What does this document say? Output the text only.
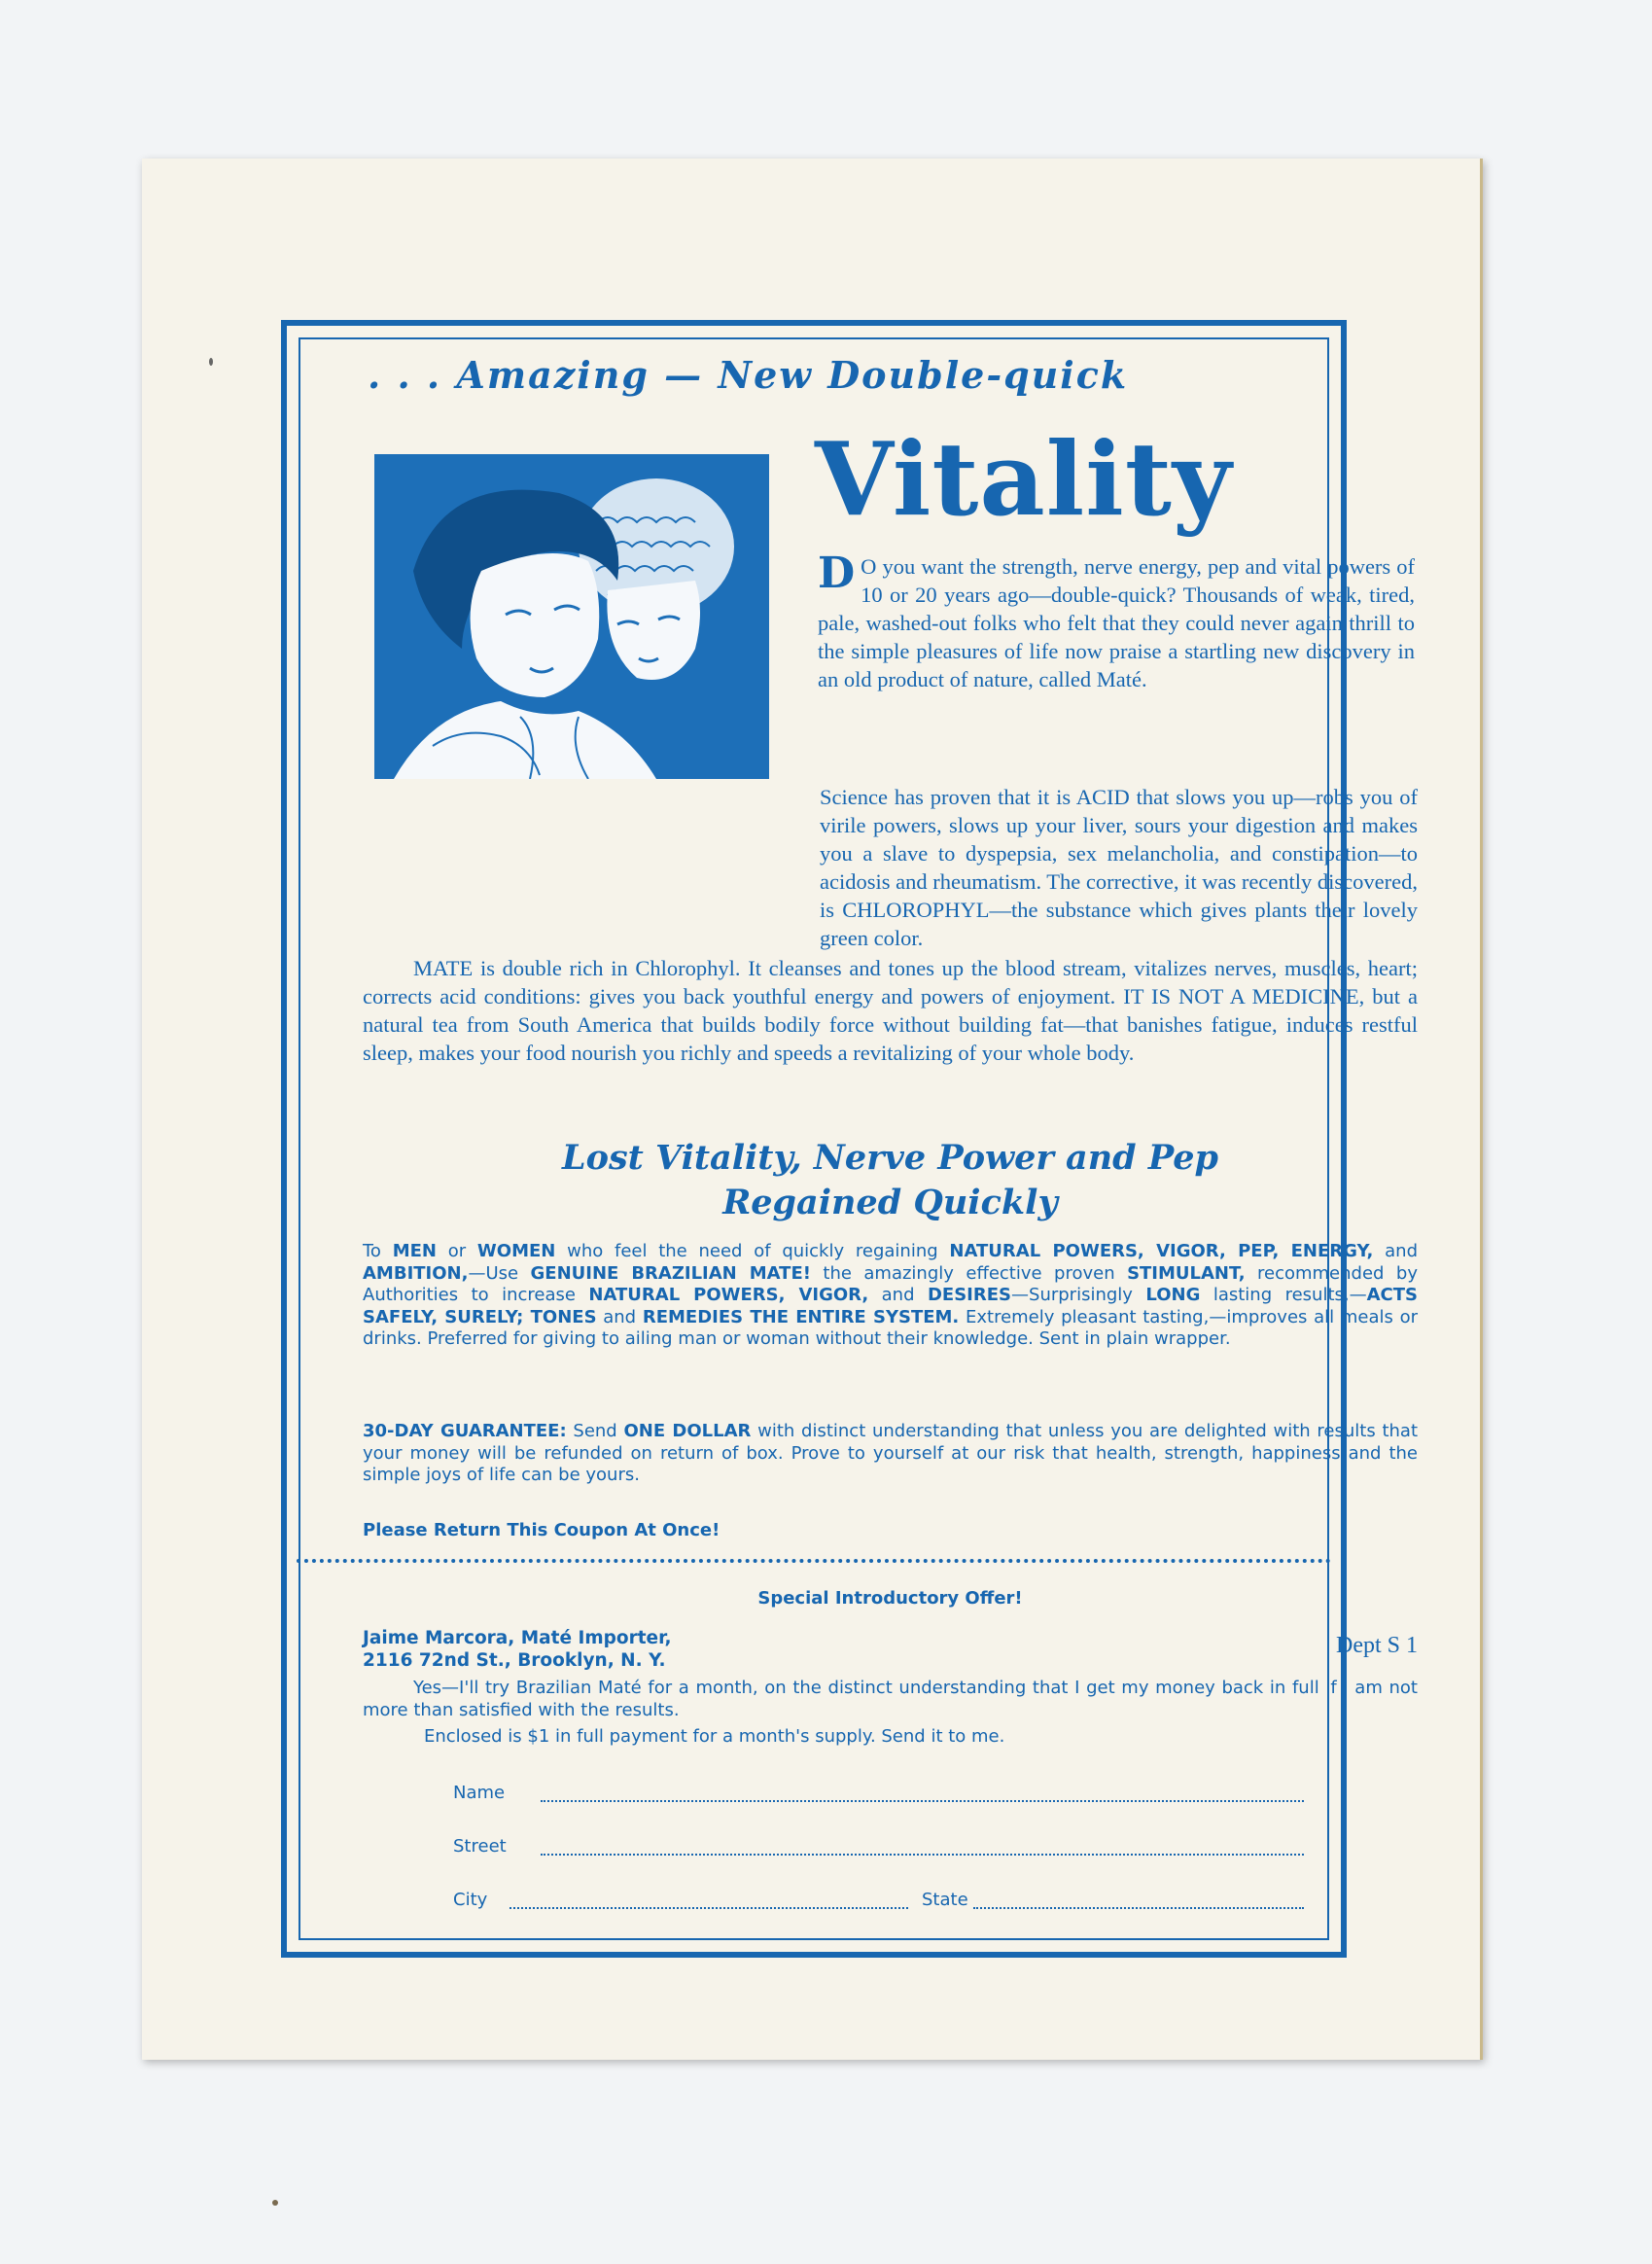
. . . Amazing — New Double-quick
Vitality
D O you want the strength, nerve energy, pep and vital powers of 10 or 20 years ago—double-quick? Thousands of weak, tired, pale, washed-out folks who felt that they could never again thrill to the simple pleasures of life now praise a startling new discovery in an old product of nature, called Maté.
Science has proven that it is ACID that slows you up—robs you of virile powers, slows up your liver, sours your digestion and makes you a slave to dyspepsia, sex melancholia, and constipation—to acidosis and rheumatism. The corrective, it was recently discovered, is CHLOROPHYL—the substance which gives plants their lovely green color.
MATE is double rich in Chlorophyl. It cleanses and tones up the blood stream, vitalizes nerves, muscles, heart; corrects acid conditions: gives you back youthful energy and powers of enjoyment. IT IS NOT A MEDICINE, but a natural tea from South America that builds bodily force without building fat—that banishes fatigue, induces restful sleep, makes your food nourish you richly and speeds a revitalizing of your whole body.
Lost Vitality, Nerve Power and Pep
Regained Quickly
To MEN or WOMEN who feel the need of quickly regaining NATURAL POWERS, VIGOR, PEP, ENERGY, and AMBITION,—Use GENUINE BRAZILIAN MATE! the amazingly effective proven STIMULANT, recommended by Authorities to increase NATURAL POWERS, VIGOR, and DESIRES—Surprisingly LONG lasting results,—ACTS SAFELY, SURELY; TONES and REMEDIES THE ENTIRE SYSTEM. Extremely pleasant tasting,—improves all meals or drinks. Preferred for giving to ailing man or woman without their knowledge. Sent in plain wrapper.
30-DAY GUARANTEE: Send ONE DOLLAR with distinct understanding that unless you are delighted with results that your money will be refunded on return of box. Prove to yourself at our risk that health, strength, happiness and the simple joys of life can be yours.
Please Return This Coupon At Once!
Special Introductory Offer!
Jaime Marcora, Maté Importer,
2116 72nd St., Brooklyn, N. Y.
Dept S 1
Yes—I'll try Brazilian Maté for a month, on the distinct understanding that I get my money back in full if I am not more than satisfied with the results.
Enclosed is $1 in full payment for a month's supply. Send it to me.
Name
Street
City	State
